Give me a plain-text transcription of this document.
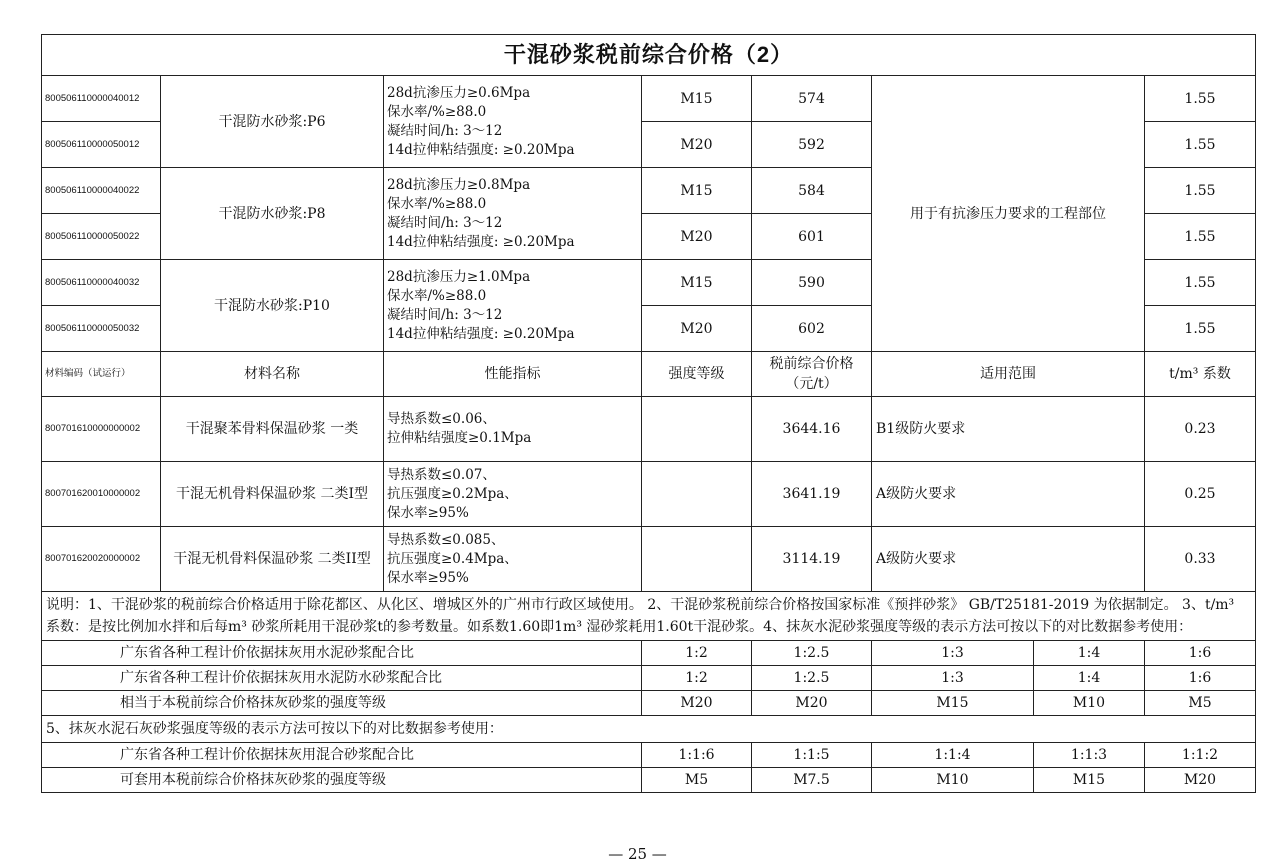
干混砂浆税前综合价格（2）							
800506110000040012	干混防水砂浆:P6	28d抗渗压力≥0.6Mpa
保水率/%≥88.0
凝结时间/h: 3～12
14d拉伸粘结强度: ≥0.20Mpa	M15	574	用于有抗渗压力要求的工程部位		1.55
800506110000050012			M20	592			1.55
800506110000040022	干混防水砂浆:P8	28d抗渗压力≥0.8Mpa
保水率/%≥88.0
凝结时间/h: 3～12
14d拉伸粘结强度: ≥0.20Mpa	M15	584			1.55
800506110000050022			M20	601			1.55
800506110000040032	干混防水砂浆:P10	28d抗渗压力≥1.0Mpa
保水率/%≥88.0
凝结时间/h: 3～12
14d拉伸粘结强度: ≥0.20Mpa	M15	590			1.55
800506110000050032			M20	602			1.55
材料编码（试运行）	材料名称	性能指标	强度等级	税前综合价格（元/t）	适用范围		t/m³ 系数
800701610000000002	干混聚苯骨料保温砂浆 一类	导热系数≤0.06、
拉伸粘结强度≥0.1Mpa		3644.16	B1级防火要求		0.23
800701620010000002	干混无机骨料保温砂浆 二类I型	导热系数≤0.07、
抗压强度≥0.2Mpa、
保水率≥95%		3641.19	A级防火要求		0.25
800701620020000002	干混无机骨料保温砂浆 二类II型	导热系数≤0.085、
抗压强度≥0.4Mpa、
保水率≥95%		3114.19	A级防火要求		0.33
说明：1、干混砂浆的税前综合价格适用于除花都区、从化区、增城区外的广州市行政区域使用。 2、干混砂浆税前综合价格按国家标准《预拌砂浆》 GB/T25181-2019 为依据制定。 3、t/m³ 系数：是按比例加水拌和后每m³ 砂浆所耗用干混砂浆t的参考数量。如系数1.60即1m³ 湿砂浆耗用1.60t干混砂浆。4、抹灰水泥砂浆强度等级的表示方法可按以下的对比数据参考使用：							
广东省各种工程计价依据抹灰用水泥砂浆配合比			1:2	1:2.5	1:3	1:4	1:6
广东省各种工程计价依据抹灰用水泥防水砂浆配合比			1:2	1:2.5	1:3	1:4	1:6
相当于本税前综合价格抹灰砂浆的强度等级			M20	M20	M15	M10	M5
5、抹灰水泥石灰砂浆强度等级的表示方法可按以下的对比数据参考使用：							
广东省各种工程计价依据抹灰用混合砂浆配合比			1:1:6	1:1:5	1:1:4	1:1:3	1:1:2
可套用本税前综合价格抹灰砂浆的强度等级			M5	M7.5	M10	M15	M20
— 25 —
